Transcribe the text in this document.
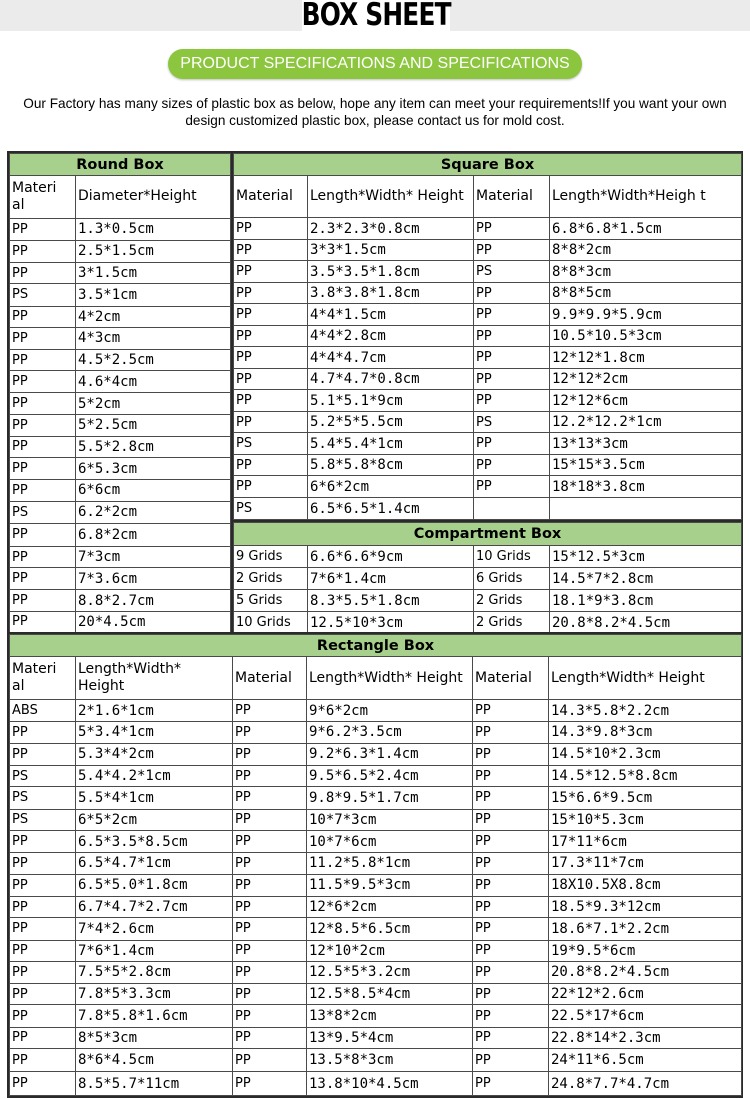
BOX SHEET
PRODUCT SPECIFICATIONS AND SPECIFICATIONS
Our Factory has many sizes of plastic box as below, hope any item can meet your requirements!If you want your own design customized plastic box, please contact us for mold cost.
Round Box	
Materi al	Diameter*Height
PP	1.3*0.5cm
PP	2.5*1.5cm
PP	3*1.5cm
PS	3.5*1cm
PP	4*2cm
PP	4*3cm
PP	4.5*2.5cm
PP	4.6*4cm
PP	5*2cm
PP	5*2.5cm
PP	5.5*2.8cm
PP	6*5.3cm
PP	6*6cm
PS	6.2*2cm
PP	6.8*2cm
PP	7*3cm
PP	7*3.6cm
PP	8.8*2.7cm
PP	20*4.5cm
Square Box			
Material	Length*Width* Height	Material	Length*Width*Heigh t
PP	2.3*2.3*0.8cm	PP	6.8*6.8*1.5cm
PP	3*3*1.5cm	PP	8*8*2cm
PP	3.5*3.5*1.8cm	PS	8*8*3cm
PP	3.8*3.8*1.8cm	PP	8*8*5cm
PP	4*4*1.5cm	PP	9.9*9.9*5.9cm
PP	4*4*2.8cm	PP	10.5*10.5*3cm
PP	4*4*4.7cm	PP	12*12*1.8cm
PP	4.7*4.7*0.8cm	PP	12*12*2cm
PP	5.1*5.1*9cm	PP	12*12*6cm
PP	5.2*5*5.5cm	PS	12.2*12.2*1cm
PS	5.4*5.4*1cm	PP	13*13*3cm
PP	5.8*5.8*8cm	PP	15*15*3.5cm
PP	6*6*2cm	PP	18*18*3.8cm
PS	6.5*6.5*1.4cm		
Compartment Box			
9 Grids	6.6*6.6*9cm	10 Grids	15*12.5*3cm
2 Grids	7*6*1.4cm	6 Grids	14.5*7*2.8cm
5 Grids	8.3*5.5*1.8cm	2 Grids	18.1*9*3.8cm
10 Grids	12.5*10*3cm	2 Grids	20.8*8.2*4.5cm
Rectangle Box					
Materi al	Length*Width* Height	Material	Length*Width* Height	Material	Length*Width* Height
ABS	2*1.6*1cm	PP	9*6*2cm	PP	14.3*5.8*2.2cm
PP	5*3.4*1cm	PP	9*6.2*3.5cm	PP	14.3*9.8*3cm
PP	5.3*4*2cm	PP	9.2*6.3*1.4cm	PP	14.5*10*2.3cm
PS	5.4*4.2*1cm	PP	9.5*6.5*2.4cm	PP	14.5*12.5*8.8cm
PS	5.5*4*1cm	PP	9.8*9.5*1.7cm	PP	15*6.6*9.5cm
PS	6*5*2cm	PP	10*7*3cm	PP	15*10*5.3cm
PP	6.5*3.5*8.5cm	PP	10*7*6cm	PP	17*11*6cm
PP	6.5*4.7*1cm	PP	11.2*5.8*1cm	PP	17.3*11*7cm
PP	6.5*5.0*1.8cm	PP	11.5*9.5*3cm	PP	18X10.5X8.8cm
PP	6.7*4.7*2.7cm	PP	12*6*2cm	PP	18.5*9.3*12cm
PP	7*4*2.6cm	PP	12*8.5*6.5cm	PP	18.6*7.1*2.2cm
PP	7*6*1.4cm	PP	12*10*2cm	PP	19*9.5*6cm
PP	7.5*5*2.8cm	PP	12.5*5*3.2cm	PP	20.8*8.2*4.5cm
PP	7.8*5*3.3cm	PP	12.5*8.5*4cm	PP	22*12*2.6cm
PP	7.8*5.8*1.6cm	PP	13*8*2cm	PP	22.5*17*6cm
PP	8*5*3cm	PP	13*9.5*4cm	PP	22.8*14*2.3cm
PP	8*6*4.5cm	PP	13.5*8*3cm	PP	24*11*6.5cm
PP	8.5*5.7*11cm	PP	13.8*10*4.5cm	PP	24.8*7.7*4.7cm
